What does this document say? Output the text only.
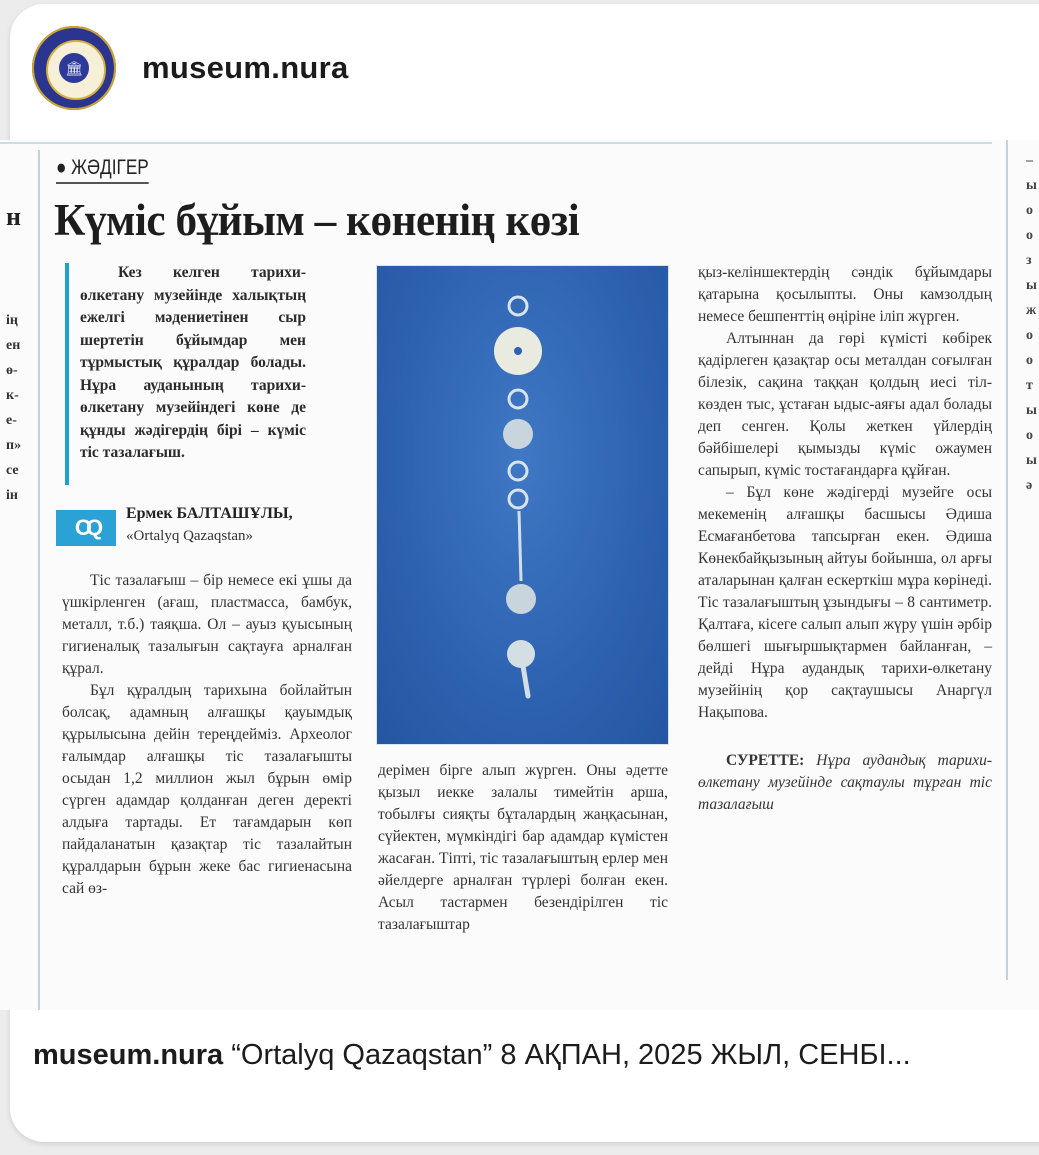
🏛 museum.nura
н
ің
ен
ө-
к-
е-
п»
се
ін
–
ы
о
о
з
ы
ж
о
о
т
ы
о
ы
ə
● ЖӘДІГЕР
Күміс бұйым – көненің көзі
Кез келген тарихи-өлкетану музейінде халықтың ежелгі мәдениетінен сыр шертетін бұйымдар мен тұрмыстық құралдар болады. Нұра ауданының тарихи-өлкетану музейіндегі көне де құнды жәдігердің бірі – күміс тіс тазалағыш.
OQ
Ермек БАЛТАШҰЛЫ,
«Ortalyq Qazaqstan»
Тіс тазалағыш – бір немесе екі ұшы да үшкірленген (ағаш, пластмасса, бамбук, металл, т.б.) таяқша. Ол – ауыз қуысының гигиеналық тазалығын сақтауға арналған құрал.
Бұл құралдың тарихына бойлайтын болсақ, адамның алғашқы қауымдық құрылысына дейін тереңдейміз. Археолог ғалымдар алғашқы тіс тазалағышты осыдан 1,2 миллион жыл бұрын өмір сүрген адамдар қолданған деген деректі алдыға тартады. Ет тағамдарын көп пайдаланатын қазақтар тіс тазалайтын құралдарын бұрын жеке бас гигиенасына сай өз-
дерімен бірге алып жүрген. Оны әдетте қызыл иекке залалы тимейтін арша, тобылғы сияқты бұталардың жаңқасынан, сүйектен, мүмкіндігі бар адамдар күмістен жасаған. Тіпті, тіс тазалағыштың ерлер мен әйелдерге арналған түрлері болған екен. Асыл тастармен безендірілген тіс тазалағыштар
қыз-келіншектердің сәндік бұйымдары қатарына қосылыпты. Оны камзолдың немесе бешпенттің өңіріне іліп жүрген.
Алтыннан да гөрі күмісті көбірек қадірлеген қазақтар осы металдан соғылған білезік, сақина таққан қолдың иесі тіл-көзден тыс, ұстаған ыдыс-аяғы адал болады деп сенген. Қолы жеткен үйлердің бәйбішелері қымызды күміс ожаумен сапырып, күміс тостағандарға құйған.
– Бұл көне жәдігерді музейге осы мекеменің алғашқы басшысы Әдиша Есмағанбетова тапсырған екен. Әдиша Көнекбайқызының айтуы бойынша, ол арғы аталарынан қалған ескерткіш мұра көрінеді. Тіс тазалағыштың ұзындығы – 8 сантиметр. Қалтаға, кісеге салып алып жүру үшін әрбір бөлшегі шығыршықтармен байланған, – дейді Нұра аудандық тарихи-өлкетану музейінің қор сақтаушысы Анаргүл Нақыпова.
СУРЕТТЕ: Нұра аудандық тарихи-өлкетану музейінде сақтаулы тұрған тіс тазалағыш
museum.nura “Ortalyq Qazaqstan” 8 АҚПАН, 2025 ЖЫЛ, СЕНБІ...
